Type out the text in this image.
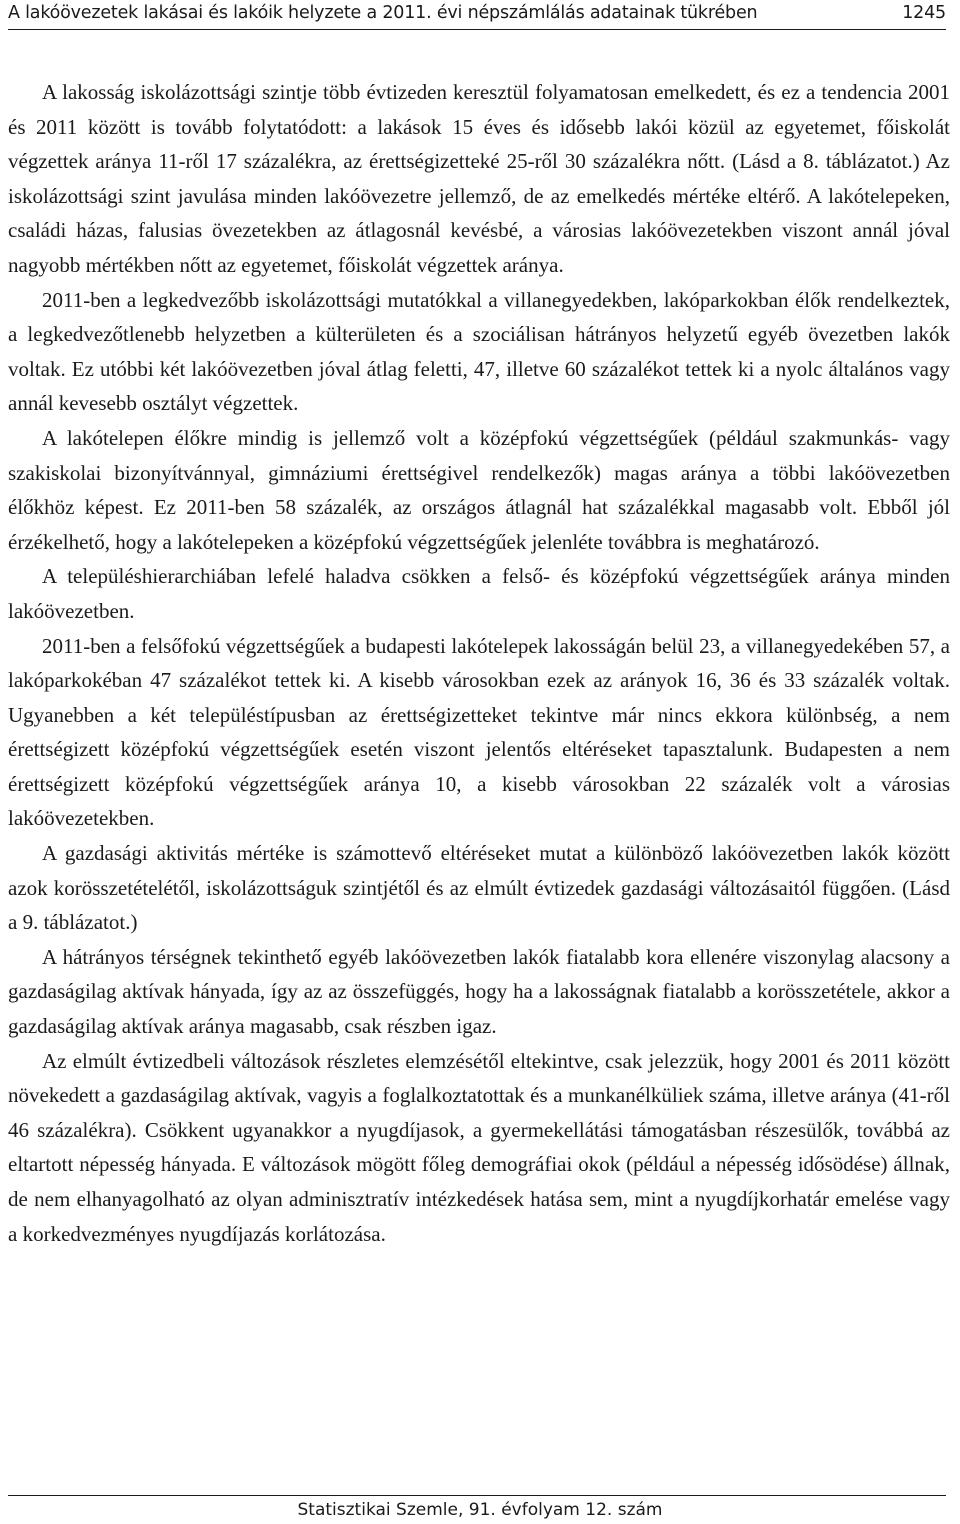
A lakóövezetek lakásai és lakóik helyzete a 2011. évi népszámlálás adatainak tükrében	1245

A lakosság iskolázottsági szintje több évtizeden keresztül folyamatosan emelkedett, és ez a tendencia 2001 és 2011 között is tovább folytatódott: a lakások 15 éves és idősebb lakói közül az egyetemet, főiskolát végzettek aránya 11-ről 17 százalékra, az érettségizetteké 25-ről 30 százalékra nőtt. (Lásd a 8. táblázatot.) Az iskolázottsági szint javulása minden lakóövezetre jellemző, de az emelkedés mértéke eltérő. A lakótelepeken, családi házas, falusias övezetekben az átlagosnál kevésbé, a városias lakóövezetekben viszont annál jóval nagyobb mértékben nőtt az egyetemet, főiskolát végzettek aránya.

2011-ben a legkedvezőbb iskolázottsági mutatókkal a villanegyedekben, lakóparkokban élők rendelkeztek, a legkedvezőtlenebb helyzetben a külterületen és a szociálisan hátrányos helyzetű egyéb övezetben lakók voltak. Ez utóbbi két lakóövezetben jóval átlag feletti, 47, illetve 60 százalékot tettek ki a nyolc általános vagy annál kevesebb osztályt végzettek.

A lakótelepen élőkre mindig is jellemző volt a középfokú végzettségűek (például szakmunkás- vagy szakiskolai bizonyítvánnyal, gimnáziumi érettségivel rendelkezők) magas aránya a többi lakóövezetben élőkhöz képest. Ez 2011-ben 58 százalék, az országos átlagnál hat százalékkal magasabb volt. Ebből jól érzékelhető, hogy a lakótelepeken a középfokú végzettségűek jelenléte továbbra is meghatározó.

A településhierarchiában lefelé haladva csökken a felső- és középfokú végzettségűek aránya minden lakóövezetben.

2011-ben a felsőfokú végzettségűek a budapesti lakótelepek lakosságán belül 23, a villanegyedekében 57, a lakóparkokéban 47 százalékot tettek ki. A kisebb városokban ezek az arányok 16, 36 és 33 százalék voltak. Ugyanebben a két településtípusban az érettségizetteket tekintve már nincs ekkora különbség, a nem érettségizett középfokú végzettségűek esetén viszont jelentős eltéréseket tapasztalunk. Budapesten a nem érettségizett középfokú végzettségűek aránya 10, a kisebb városokban 22 százalék volt a városias lakóövezetekben.

A gazdasági aktivitás mértéke is számottevő eltéréseket mutat a különböző lakóövezetben lakók között azok korösszetételétől, iskolázottságuk szintjétől és az elmúlt évtizedek gazdasági változásaitól függően. (Lásd a 9. táblázatot.)

A hátrányos térségnek tekinthető egyéb lakóövezetben lakók fiatalabb kora ellenére viszonylag alacsony a gazdaságilag aktívak hányada, így az az összefüggés, hogy ha a lakosságnak fiatalabb a korösszetétele, akkor a gazdaságilag aktívak aránya magasabb, csak részben igaz.

Az elmúlt évtizedbeli változások részletes elemzésétől eltekintve, csak jelezzük, hogy 2001 és 2011 között növekedett a gazdaságilag aktívak, vagyis a foglalkoztatottak és a munkanélküliek száma, illetve aránya (41-ről 46 százalékra). Csökkent ugyanakkor a nyugdíjasok, a gyermekellátási támogatásban részesülők, továbbá az eltartott népesség hányada. E változások mögött főleg demográfiai okok (például a népesség idősödése) állnak, de nem elhanyagolható az olyan adminisztratív intézkedések hatása sem, mint a nyugdíjkorhatár emelése vagy a korkedvezményes nyugdíjazás korlátozása.

Statisztikai Szemle, 91. évfolyam 12. szám
